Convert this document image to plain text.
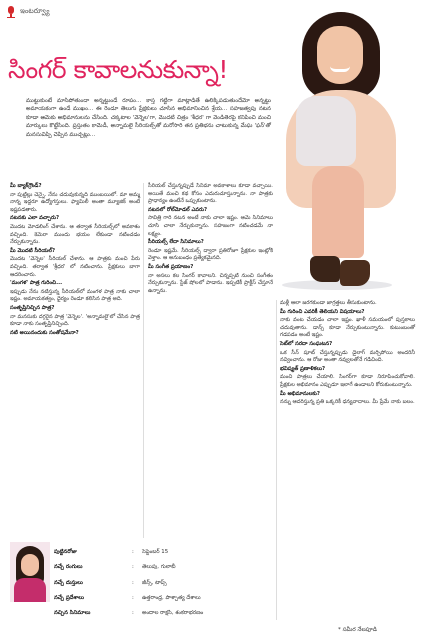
ఇంటర్వ్యూ
సింగర్ కావాలనుకున్నా!

ముట్టుకుంటే మాసిపోతుందా అన్నట్టుండే రూపం... కాస్త గట్టిగా మాట్లాడితే ఉలిక్కిపడుతుందేమో అన్నట్టు అమాయకంగా ఉండే ముఖం... ఈ రెండూ తెలుగు ప్రేక్షకులు చూసిన అభిమానించిన శ్రేయ... సహజత్వపు నటన కూడా ఆమెకు అభిమానులను చేసింది. చక్కటాల 'వెన్నెల'గా, మొదటి చిత్రం 'శీధర' గా వెండితెరపై కనిపించి మంచి మార్కులు కొట్టేసింది. ప్రస్తుతం కామెడీ, అన్నామలై సీరియల్స్‌తో మరోసారి తన ప్రతిభను చాటుకున్న మేఘ 'ఫన్'తో మనసువిప్పి చెప్పిన ముచ్చట్లు...

మీ బ్యాక్‌గ్రౌండ్?

నా పుట్టిల్లు చెన్నై. నేను చదువుకున్నది ముంబయిలో. మా అమ్మ నాన్న ఇద్దరూ ఉద్యోగస్తులు. ఫ్యామిలీ అంతా మ్యూజిక్ అంటే ఇష్టపడతారు.

నటనకు ఎలా వచ్చారు?

మొదట మోడలింగ్ చేశాను. ఆ తర్వాత సీరియల్స్‌లో అవకాశం వచ్చింది. కెమెరా ముందు భయం లేకుండా నటించడం నేర్చుకున్నాను.

మీ మొదటి సీరియల్?

మొదట 'వెన్నెల' సీరియల్ చేశాను. ఆ పాత్రకు మంచి పేరు వచ్చింది. తర్వాత 'శ్రీధర' లో నటించాను. ప్రేక్షకులు బాగా ఆదరించారు.

'మంగళ' పాత్ర గురించి...

ఇప్పుడు నేను నటిస్తున్న సీరియల్‌లో మంగళ పాత్ర నాకు చాలా ఇష్టం. అమాయకత్వం, ధైర్యం రెండూ కలిసిన పాత్ర అది.

సంతృప్తినిచ్చిన పాత్ర?

నా మనసుకు దగ్గరైన పాత్ర 'వెన్నెల'. 'అన్నామలై'లో చేసిన పాత్ర కూడా నాకు సంతృప్తినిచ్చింది.

నటి అయినందుకు సంతోషమేనా?

సీరియల్ చేస్తున్నప్పుడే సినిమా అవకాశాలు కూడా వచ్చాయి. అయితే మంచి కథ కోసం ఎదురుచూస్తున్నాను. నా పాత్రకు ప్రాధాన్యం ఉంటేనే ఒప్పుకుంటాను.

నటనలో రోల్‌మోడల్ ఎవరు?

సావిత్రి గారి నటన అంటే నాకు చాలా ఇష్టం. ఆమె సినిమాలు చూసి చాలా నేర్చుకున్నాను. సహజంగా నటించడమే నా లక్ష్యం.

సీరియల్స్ లేదా సినిమాలు?

రెండూ ఇష్టమే. సీరియల్స్ ద్వారా ప్రతిరోజూ ప్రేక్షకుల ఇంట్లోకి వెళ్తాం. ఆ అనుబంధం ప్రత్యేకమైనది.

మీ సంగీత ప్రయాణం?

నా అసలు కల సింగర్ కావాలని. చిన్నప్పటి నుంచి సంగీతం నేర్చుకున్నాను. స్టేజ్ షోలలో పాడాను. ఇప్పటికీ ప్రాక్టీస్ చేస్తూనే ఉన్నాను.

మళ్లీ ఆలా జరగకుండా జాగ్రత్తలు తీసుకుంటాను.

మీ గురించి ఎవరికీ తెలియని విషయాలు?

నాకు వంట చేయడం చాలా ఇష్టం. ఖాళీ సమయంలో పుస్తకాలు చదువుతాను. డాన్స్ కూడా నేర్చుకుంటున్నాను. కుటుంబంతో గడపడం అంటే ఇష్టం.

సెట్‌లో సరదా సంఘటన?

ఒక సీన్ షూట్ చేస్తున్నప్పుడు డైలాగ్ మర్చిపోయి అందరినీ నవ్వించాను. ఆ రోజు అంతా నవ్వులతోనే గడిచింది.

భవిష్యత్ ప్రణాళికలు?

మంచి పాత్రలు చేయాలి. సింగర్‌గా కూడా నిరూపించుకోవాలి. ప్రేక్షకుల అభిమానం ఎప్పుడూ ఇలాగే ఉండాలని కోరుకుంటున్నాను.

మీ అభిమానులకు?

నన్ను ఆదరిస్తున్న ప్రతి ఒక్కరికీ ధన్యవాదాలు. మీ ప్రేమే నాకు బలం.

పుట్టినరోజు	:	సెప్టెంబర్ 15
నచ్చే రంగులు	:	తెలుపు, గులాబీ
నచ్చే దుస్తులు	:	జీన్స్, టాప్స్
నచ్చే ప్రదేశాలు	:	ఉత్తరాంధ్ర, పాశ్చాత్య దేశాలు
నచ్చిన సినిమాలు	:	అందాల రాక్షసి, శంకరాభరణం
* సమీర నేలపూడి
